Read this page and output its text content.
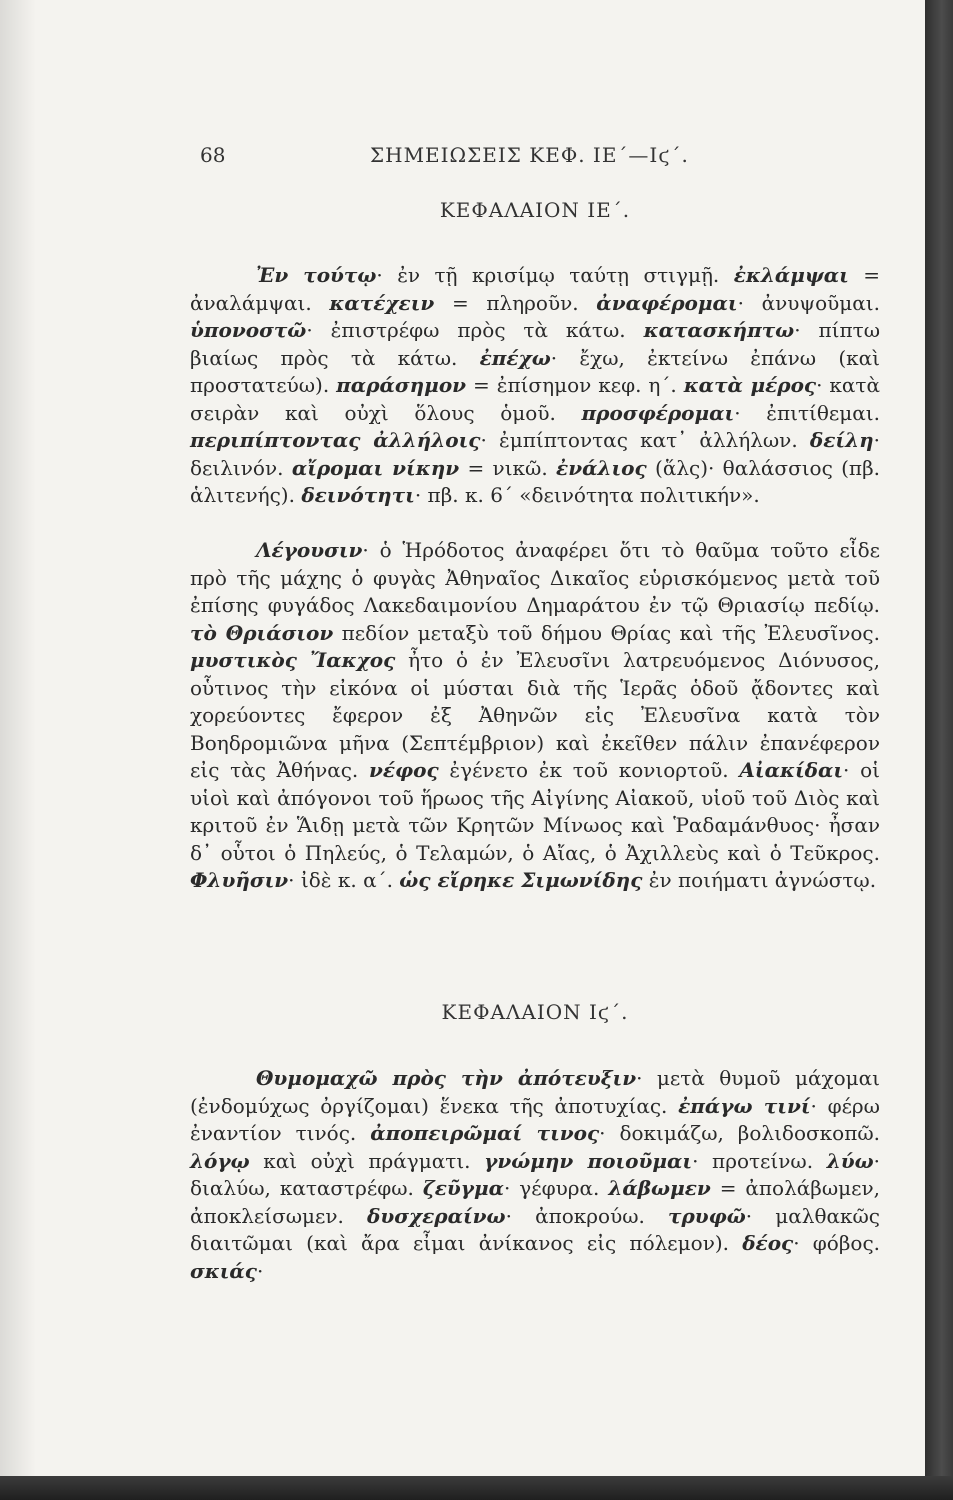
68	ΣΗΜΕΙΩΣΕΙΣ ΚΕΦ. ΙΕ΄—Ιϛ΄.
ΚΕΦΑΛΑΙΟΝ ΙΕ΄.

Ἐν τούτῳ· ἐν τῇ κρισίμῳ ταύτῃ στιγμῇ. ἐκλάμψαι = ἀναλάμψαι. κατέχειν = πληροῦν. ἀναφέρομαι· ἀνυψοῦμαι. ὑπονοστῶ· ἐπιστρέφω πρὸς τὰ κάτω. κατασκήπτω· πίπτω βιαίως πρὸς τὰ κάτω. ἐπέχω· ἔχω, ἐκτείνω ἐπάνω (καὶ προστατεύω). παράσημον = ἐπίσημον κεφ. η΄. κατὰ μέρος· κατὰ σειρὰν καὶ οὐχὶ ὅλους ὁμοῦ. προσφέρομαι· ἐπιτίθεμαι. περιπίπτοντας ἀλλήλοις· ἐμπίπτοντας κατ᾽ ἀλλήλων. δείλη· δειλινόν. αἴρομαι νίκην = νικῶ. ἐνάλιος (ἅλς)· θαλάσσιος (πβ. ἁλιτενής). δεινότητι· πβ. κ. 6΄ «δεινότητα πολιτικήν».

Λέγουσιν· ὁ Ἡρόδοτος ἀναφέρει ὅτι τὸ θαῦμα τοῦτο εἶδε πρὸ τῆς μάχης ὁ φυγὰς Ἀθηναῖος Δικαῖος εὑρισκόμενος μετὰ τοῦ ἐπίσης φυγάδος Λακεδαιμονίου Δημαράτου ἐν τῷ Θριασίῳ πεδίῳ. τὸ Θριάσιον πεδίον μεταξὺ τοῦ δήμου Θρίας καὶ τῆς Ἐλευσῖνος. μυστικὸς Ἴακχος ἦτο ὁ ἐν Ἐλευσῖνι λατρευόμενος Διόνυσος, οὗτινος τὴν εἰκόνα οἱ μύσται διὰ τῆς Ἱερᾶς ὁδοῦ ᾄδοντες καὶ χορεύοντες ἔφερον ἐξ Ἀθηνῶν εἰς Ἐλευσῖνα κατὰ τὸν Βοηδρομιῶνα μῆνα (Σεπτέμβριον) καὶ ἐκεῖθεν πάλιν ἐπανέφερον εἰς τὰς Ἀθήνας. νέφος ἐγένετο ἐκ τοῦ κονιορτοῦ. Αἰακίδαι· οἱ υἱοὶ καὶ ἀπόγονοι τοῦ ἥρωος τῆς Αἰγίνης Αἰακοῦ, υἱοῦ τοῦ Διὸς καὶ κριτοῦ ἐν Ἅιδῃ μετὰ τῶν Κρητῶν Μίνωος καὶ Ῥαδαμάνθυος· ἦσαν δ᾽ οὗτοι ὁ Πηλεύς, ὁ Τελαμών, ὁ Αἴας, ὁ Ἀχιλλεὺς καὶ ὁ Τεῦκρος. Φλυῆσιν· ἰδὲ κ. α΄. ὡς εἴρηκε Σιμωνίδης ἐν ποιήματι ἀγνώστῳ.

ΚΕΦΑΛΑΙΟΝ Ιϛ΄.

Θυμομαχῶ πρὸς τὴν ἀπότευξιν· μετὰ θυμοῦ μάχομαι (ἐνδομύχως ὀργίζομαι) ἕνεκα τῆς ἀποτυχίας. ἐπάγω τινί· φέρω ἐναντίον τινός. ἀποπειρῶμαί τινος· δοκιμάζω, βολιδοσκοπῶ. λόγῳ καὶ οὐχὶ πράγματι. γνώμην ποιοῦμαι· προτείνω. λύω· διαλύω, καταστρέφω. ζεῦγμα· γέφυρα. λάβωμεν = ἀπολάβωμεν, ἀποκλείσωμεν. δυσχεραίνω· ἀποκρούω. τρυφῶ· μαλθακῶς διαιτῶμαι (καὶ ἄρα εἶμαι ἀνίκανος εἰς πόλεμον). δέος· φόβος. σκιάς·
